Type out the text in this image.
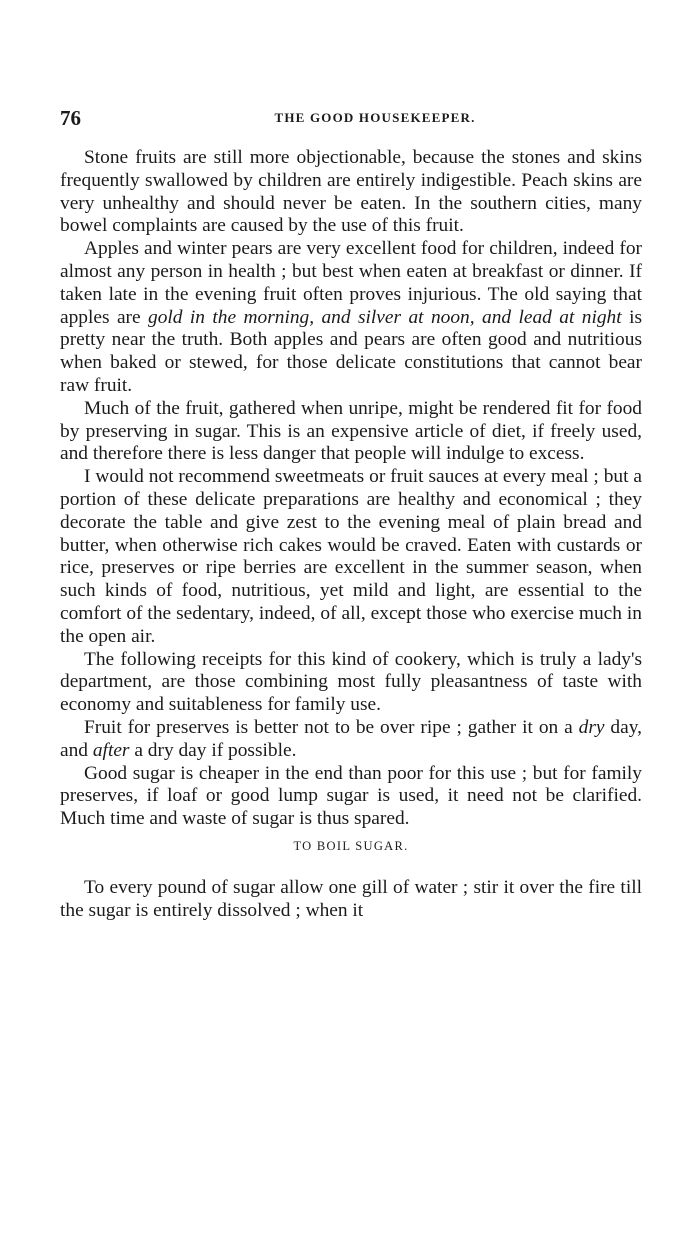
76	THE GOOD HOUSEKEEPER.

Stone fruits are still more objectionable, because the stones and skins frequently swallowed by children are entirely indigestible. Peach skins are very unhealthy and should never be eaten. In the southern cities, many bowel complaints are caused by the use of this fruit.

Apples and winter pears are very excellent food for children, indeed for almost any person in health ; but best when eaten at breakfast or dinner. If taken late in the evening fruit often proves injurious. The old saying that apples are gold in the morning, and silver at noon, and lead at night is pretty near the truth. Both apples and pears are often good and nutritious when baked or stewed, for those delicate constitutions that cannot bear raw fruit.

Much of the fruit, gathered when unripe, might be rendered fit for food by preserving in sugar. This is an expensive article of diet, if freely used, and therefore there is less danger that people will indulge to excess.

I would not recommend sweetmeats or fruit sauces at every meal ; but a portion of these delicate preparations are healthy and economical ; they decorate the table and give zest to the evening meal of plain bread and butter, when otherwise rich cakes would be craved. Eaten with custards or rice, preserves or ripe berries are excellent in the summer season, when such kinds of food, nutritious, yet mild and light, are essential to the comfort of the sedentary, indeed, of all, except those who exercise much in the open air.

The following receipts for this kind of cookery, which is truly a lady's department, are those combining most fully pleasantness of taste with economy and suitableness for family use.

Fruit for preserves is better not to be over ripe ; gather it on a dry day, and after a dry day if possible.

Good sugar is cheaper in the end than poor for this use ; but for family preserves, if loaf or good lump sugar is used, it need not be clarified. Much time and waste of sugar is thus spared.

TO BOIL SUGAR.

To every pound of sugar allow one gill of water ; stir it over the fire till the sugar is entirely dissolved ; when it
